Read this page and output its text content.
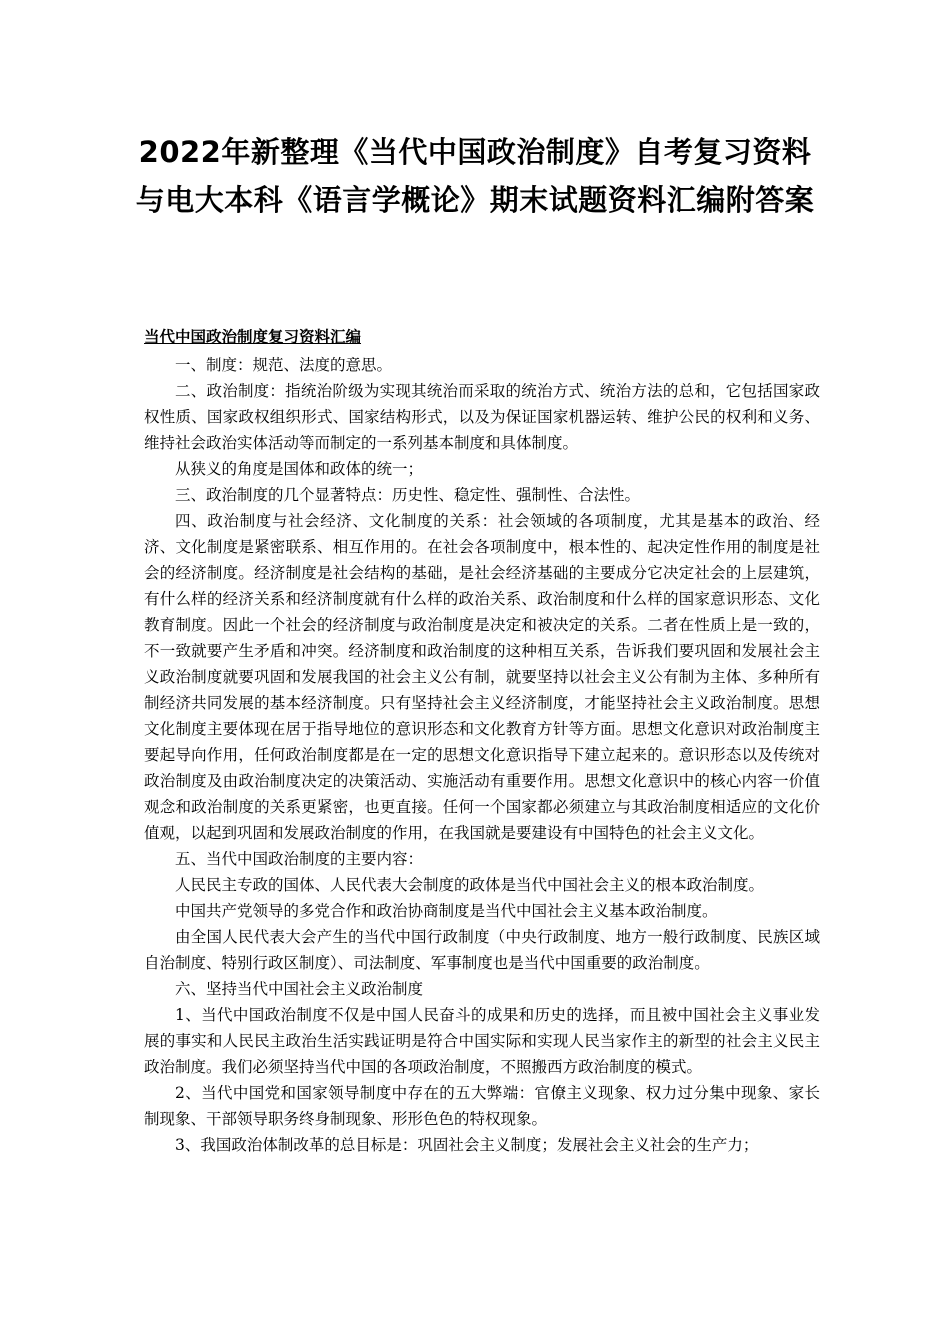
2022年新整理《当代中国政治制度》自考复习资料
与电大本科《语言学概论》期末试题资料汇编附答案

当代中国政治制度复习资料汇编

一、制度：规范、法度的意思。

二、政治制度：指统治阶级为实现其统治而采取的统治方式、统治方法的总和，它包括国家政权性质、国家政权组织形式、国家结构形式，以及为保证国家机器运转、维护公民的权利和义务、维持社会政治实体活动等而制定的一系列基本制度和具体制度。

从狭义的角度是国体和政体的统一；

三、政治制度的几个显著特点：历史性、稳定性、强制性、合法性。

四、政治制度与社会经济、文化制度的关系：社会领域的各项制度，尤其是基本的政治、经济、文化制度是紧密联系、相互作用的。在社会各项制度中，根本性的、起决定性作用的制度是社会的经济制度。经济制度是社会结构的基础，是社会经济基础的主要成分它决定社会的上层建筑，有什么样的经济关系和经济制度就有什么样的政治关系、政治制度和什么样的国家意识形态、文化教育制度。因此一个社会的经济制度与政治制度是决定和被决定的关系。二者在性质上是一致的，不一致就要产生矛盾和冲突。经济制度和政治制度的这种相互关系，告诉我们要巩固和发展社会主义政治制度就要巩固和发展我国的社会主义公有制，就要坚持以社会主义公有制为主体、多种所有制经济共同发展的基本经济制度。只有坚持社会主义经济制度，才能坚持社会主义政治制度。思想文化制度主要体现在居于指导地位的意识形态和文化教育方针等方面。思想文化意识对政治制度主要起导向作用，任何政治制度都是在一定的思想文化意识指导下建立起来的。意识形态以及传统对政治制度及由政治制度决定的决策活动、实施活动有重要作用。思想文化意识中的核心内容一价值观念和政治制度的关系更紧密，也更直接。任何一个国家都必须建立与其政治制度相适应的文化价值观，以起到巩固和发展政治制度的作用，在我国就是要建设有中国特色的社会主义文化。

五、当代中国政治制度的主要内容：

人民民主专政的国体、人民代表大会制度的政体是当代中国社会主义的根本政治制度。

中国共产党领导的多党合作和政治协商制度是当代中国社会主义基本政治制度。

由全国人民代表大会产生的当代中国行政制度（中央行政制度、地方一般行政制度、民族区域自治制度、特别行政区制度）、司法制度、军事制度也是当代中国重要的政治制度。

六、坚持当代中国社会主义政治制度

1、当代中国政治制度不仅是中国人民奋斗的成果和历史的选择，而且被中国社会主义事业发展的事实和人民民主政治生活实践证明是符合中国实际和实现人民当家作主的新型的社会主义民主政治制度。我们必须坚持当代中国的各项政治制度，不照搬西方政治制度的模式。

2、当代中国党和国家领导制度中存在的五大弊端：官僚主义现象、权力过分集中现象、家长制现象、干部领导职务终身制现象、形形色色的特权现象。

3、我国政治体制改革的总目标是：巩固社会主义制度；发展社会主义社会的生产力；
